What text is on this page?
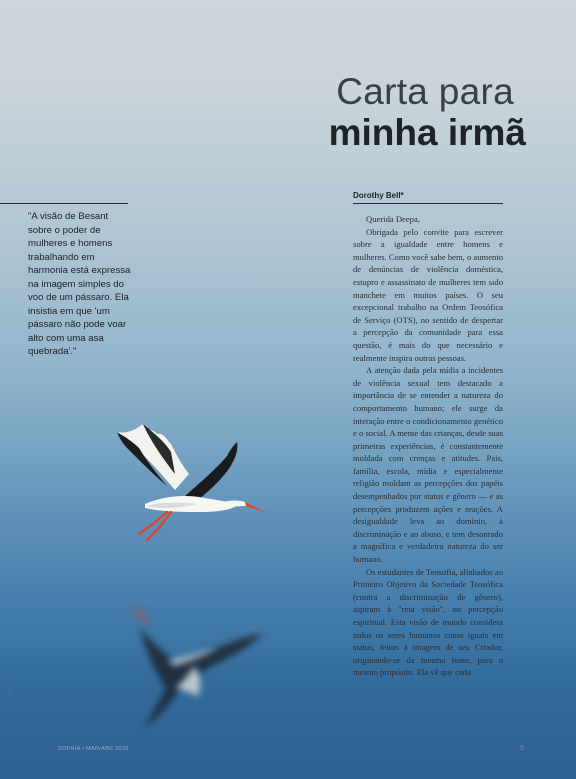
Carta para
minha irmã
Dorothy Bell*

"A visão de Besant sobre o poder de mulheres e homens trabalhando em harmonia está expressa na imagem simples do voo de um pássaro. Ela insistia em que 'um pássaro não pode voar alto com uma asa quebrada'."

Querida Deepa,

Obrigada pelo convite para escrever sobre a igualdade entre homens e mulheres. Como você sabe bem, o aumento de denúncias de violência doméstica, estupro e assassinato de mulheres tem sido manchete em muitos países. O seu excepcional trabalho na Ordem Teosófica de Serviço (OTS), no sentido de despertar a percepção da comunidade para essa questão, é mais do que necessário e realmente inspira outras pessoas.

A atenção dada pela mídia a incidentes de violência sexual tem destacado a importância de se entender a natureza do comportamento humano; ele surge da interação entre o condicionamento genético e o social. A mente das crianças, desde suas primeiras experiências, é constantemente moldada com crenças e atitudes. Pais, família, escola, mídia e especialmente religião moldam as percepções dos papéis desempenhados por status e gênero — e as percepções produzem ações e reações. A desigualdade leva ao domínio, à discriminação e ao abuso, e tem desonrado a magnífica e verdadeira natureza do ser humano.

Os estudantes de Teosofia, alinhados ao Primeiro Objetivo da Sociedade Teosófica (contra a discriminação de gênero), aspiram à "reta visão", ou percepção espiritual. Esta visão de mundo considera todos os seres humanos como iguais em status, feitos à imagem de seu Criador, originando-se da mesma fonte, para o mesmo propósito. Ela vê que cada

Stock Photos
SOPHIA • MAR/ABR 2020	9
